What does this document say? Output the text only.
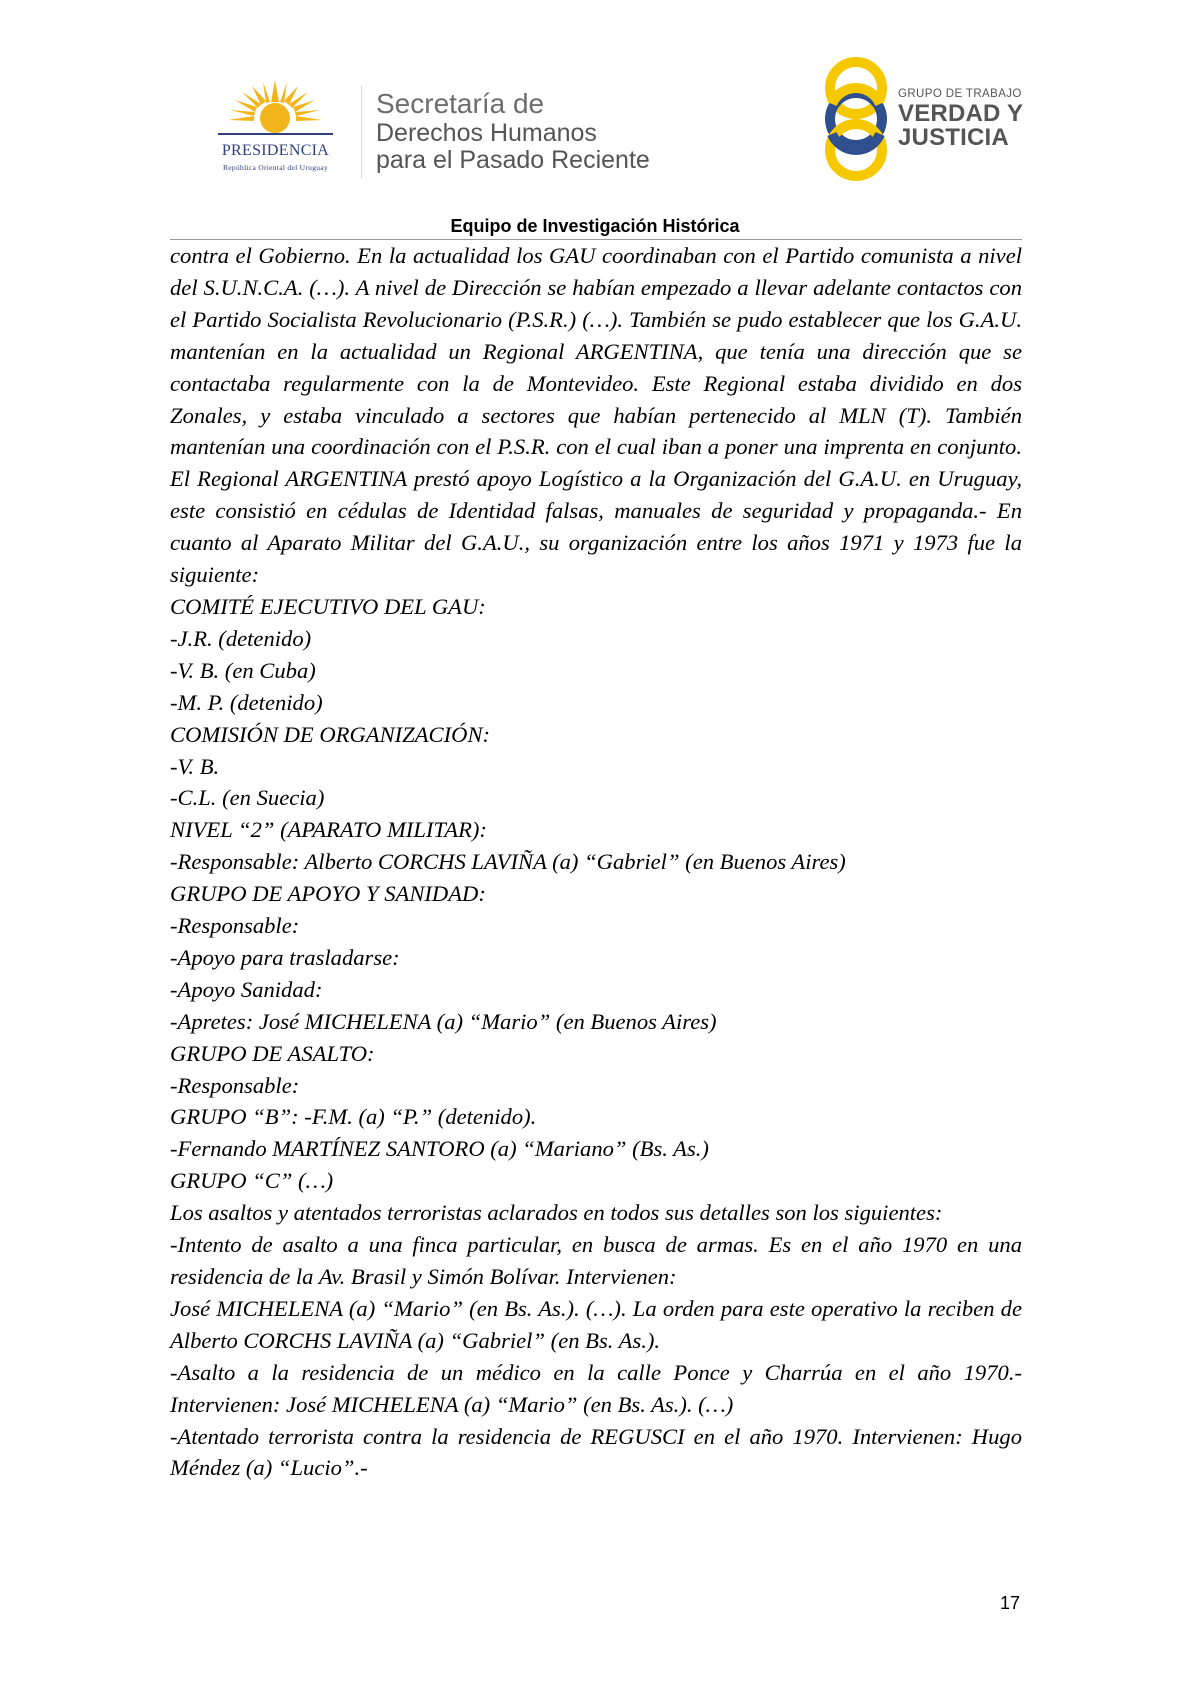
PRESIDENCIA
República Oriental del Uruguay
Secretaría de
Derechos Humanos
para el Pasado Reciente
GRUPO DE TRABAJO
VERDAD Y
JUSTICIA
Equipo de Investigación Histórica

contra el Gobierno. En la actualidad los GAU coordinaban con el Partido comunista a nivel del S.U.N.C.A. (…). A nivel de Dirección se habían empezado a llevar adelante contactos con el Partido Socialista Revolucionario (P.S.R.) (…). También se pudo establecer que los G.A.U. mantenían en la actualidad un Regional ARGENTINA, que tenía una dirección que se contactaba regularmente con la de Montevideo. Este Regional estaba dividido en dos Zonales, y estaba vinculado a sectores que habían pertenecido al MLN (T). También mantenían una coordinación con el P.S.R. con el cual iban a poner una imprenta en conjunto. El Regional ARGENTINA prestó apoyo Logístico a la Organización del G.A.U. en Uruguay, este consistió en cédulas de Identidad falsas, manuales de seguridad y propaganda.- En cuanto al Aparato Militar del G.A.U., su organización entre los años 1971 y 1973 fue la siguiente:

COMITÉ EJECUTIVO DEL GAU:
-J.R. (detenido)
-V. B. (en Cuba)
-M. P. (detenido)
COMISIÓN DE ORGANIZACIÓN:
-V. B.
-C.L. (en Suecia)
NIVEL “2” (APARATO MILITAR):
-Responsable: Alberto CORCHS LAVIÑA (a) “Gabriel” (en Buenos Aires)
GRUPO DE APOYO Y SANIDAD:
-Responsable:
-Apoyo para trasladarse:
-Apoyo Sanidad:
-Apretes: José MICHELENA (a) “Mario” (en Buenos Aires)
GRUPO DE ASALTO:
-Responsable:
GRUPO “B”: -F.M. (a) “P.” (detenido).
-Fernando MARTÍNEZ SANTORO (a) “Mariano” (Bs. As.)
GRUPO “C” (…)
Los asaltos y atentados terroristas aclarados en todos sus detalles son los siguientes:

-Intento de asalto a una finca particular, en busca de armas. Es en el año 1970 en una residencia de la Av. Brasil y Simón Bolívar. Intervienen:

José MICHELENA (a) “Mario” (en Bs. As.). (…). La orden para este operativo la reciben de Alberto CORCHS LAVIÑA (a) “Gabriel” (en Bs. As.).

-Asalto a la residencia de un médico en la calle Ponce y Charrúa en el año 1970.- Intervienen: José MICHELENA (a) “Mario” (en Bs. As.). (…)

-Atentado terrorista contra la residencia de REGUSCI en el año 1970. Intervienen: Hugo Méndez (a) “Lucio”.-

17
